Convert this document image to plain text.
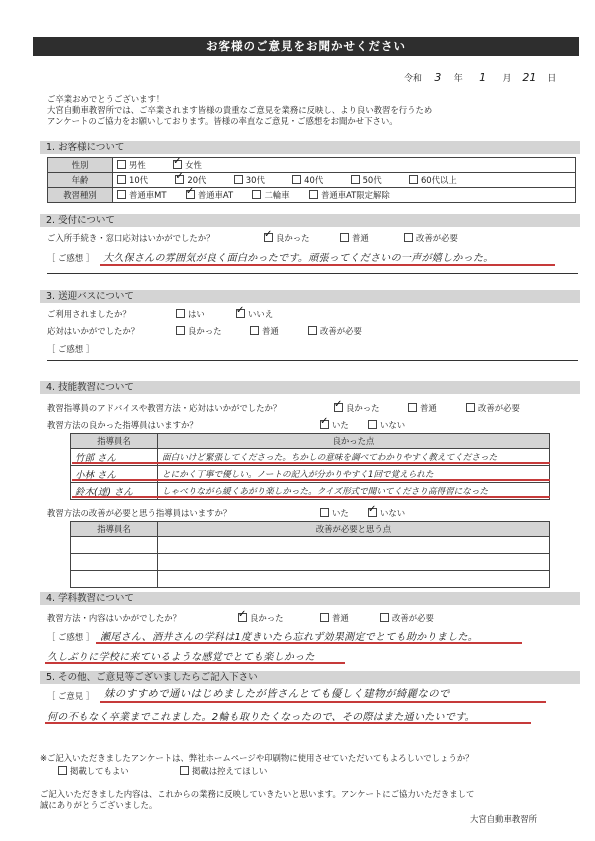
お客様のご意見をお聞かせください
令和 3 年 1 月 21 日
ご卒業おめでとうございます！
大宮自動車教習所では、ご卒業されます皆様の貴重なご意見を業務に反映し、より良い教習を行うため
アンケートのご協力をお願いしております。皆様の率直なご意見・ご感想をお聞かせ下さい。
1. お客様について
性別	男性 ✓ 女性
年齢	10代 ✓ 20代 30代 40代 50代 60代以上
教習種別	普通車MT ✓ 普通車AT 二輪車 普通車AT限定解除
2. 受付について
ご入所手続き・窓口応対はいかがでしたか？ ✓	良かった	普通	改善が必要
［ ご感想 ］ 大久保さんの雰囲気が良く面白かったです。頑張ってくださいの一声が嬉しかった。
3. 送迎バスについて
ご利用されましたか？	はい ✓	いいえ
応対はいかがでしたか？	良かった	普通	改善が必要
［ ご感想 ］
4. 技能教習について
教習指導員のアドバイスや教習方法・応対はいかがでしたか？ ✓	良かった	普通	改善が必要
教習方法の良かった指導員はいますか？ ✓	いた	いない
指導員名	良かった点
竹部 さん	面白いけど緊張してくださった。ちかしの意味を調べてわかりやすく教えてくださった
小林 さん	とにかく丁寧で優しい。ノートの記入が分かりやすく1回で覚えられた
鈴木(達) さん	しゃべりながら緩くあがり楽しかった。クイズ形式で聞いてくださり高得習になった
教習方法の改善が必要と思う指導員はいますか？	いた ✓	いない
指導員名	改善が必要と思う点

4. 学科教習について
教習方法・内容はいかがでしたか？ ✓	良かった	普通	改善が必要
［ ご感想 ］ 瀬尾さん、酒井さんの学科は1度きいたら忘れず効果測定でとても助かりました。
久しぶりに学校に来ているような感覚でとても楽しかった
5. その他、ご意見等ございましたらご記入下さい
［ ご意見 ］ 妹のすすめで通いはじめましたが皆さんとても優しく建物が綺麗なので
何の不もなく卒業までこれました。2輪も取りたくなったので、その際はまた通いたいです。
※ご記入いただきましたアンケートは、弊社ホームページや印刷物に使用させていただいてもよろしいでしょうか？
掲載してもよい	掲載は控えてほしい
ご記入いただきました内容は、これからの業務に反映していきたいと思います。アンケートにご協力いただきまして
誠にありがとうございました。
大宮自動車教習所
